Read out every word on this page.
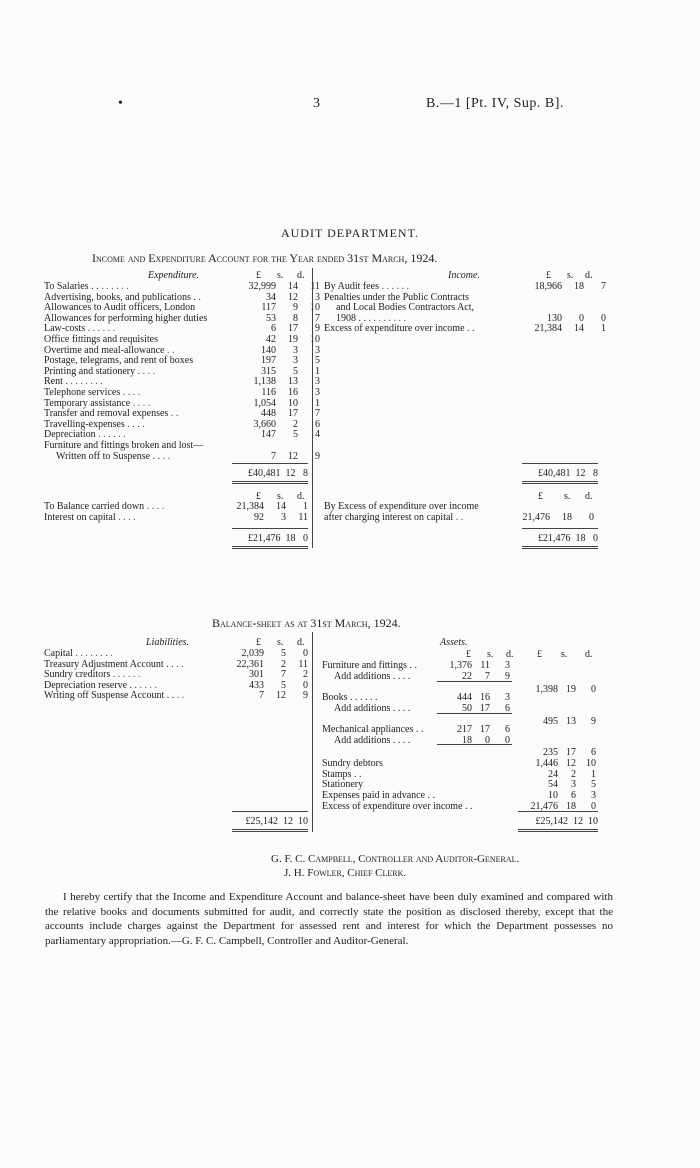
•	3	B.—1 [Pt. IV, Sup. B].
AUDIT DEPARTMENT.
Income and Expenditure Account for the Year ended 31st March, 1924.
Expenditure.	£ s. d.	Income.	£ s. d.
To Salaries . . . . . . . .	32,999	14	11
Advertising, books, and publications . .	34	12	3
Allowances to Audit officers, London	117	9	10
Allowances for performing higher duties	53	8	7
Law-costs . . . . . .	6	17	9
Office fittings and requisites	42	19	10
Overtime and meal-allowance . .	140	3	3
Postage, telegrams, and rent of boxes	197	3	5
Printing and stationery . . . .	315	5	1
Rent . . . . . . . .	1,138	13	3
Telephone services . . . .	116	16	3
Temporary assistance . . . .	1,054	10	1
Transfer and removal expenses . .	448	17	7
Travelling-expenses . . . .	3,660	2	6
Depreciation . . . . . .	147	5	4
Furniture and fittings broken and lost—			
Written off to Suspense . . . .	7	12	9
By Audit fees . . . . . .	18,966	18	7
Penalties under the Public Contracts			
and Local Bodies Contractors Act,			
1908 . . . . . . . . . .	130	0	0
Excess of expenditure over income . .	21,384	14	1
£40,481 12 8	£40,481 12 8
£ s. d.	£ s. d.
To Balance carried down . . . .	21,384	14	1
Interest on capital . . . .	92	3	11
By Excess of expenditure over income			
after charging interest on capital . .	21,476	18	0
£21,476 18 0	£21,476 18 0
Balance-sheet as at 31st March, 1924.
Liabilities.	£ s. d.	Assets.
Capital . . . . . . . .	2,039	5	0
Treasury Adjustment Account . . . .	22,361	2	11
Sundry creditors . . . . . .	301	7	2
Depreciation reserve . . . . . .	433	5	0
Writing off Suspense Account . . . .	7	12	9
£ s. d. £ s. d.
Furniture and fittings . .	1,376 11	3
Add additions . . . .	22	7	9
1,398 19	0
Books . . . . . .	444 16	3
Add additions . . . .	50 17	6
495 13	9
Mechanical appliances . .	217 17	6
Add additions . . . .	18	0	0
235 17	6
Sundry debtors	1,446 12	10
Stamps . .	24	2	1
Stationery	54	3	5
Expenses paid in advance . .	10	6	3
Excess of expenditure over income . .	21,476 18	0
£25,142 12 10	£25,142 12 10
G. F. C. Campbell, Controller and Auditor-General.
J. H. Fowler, Chief Clerk.
I hereby certify that the Income and Expenditure Account and balance-sheet have been duly examined and compared with the relative books and documents submitted for audit, and correctly state the position as disclosed thereby, except that the accounts include charges against the Department for assessed rent and interest for which the Department possesses no parliamentary appropriation.—G. F. C. Campbell, Controller and Auditor-General.
